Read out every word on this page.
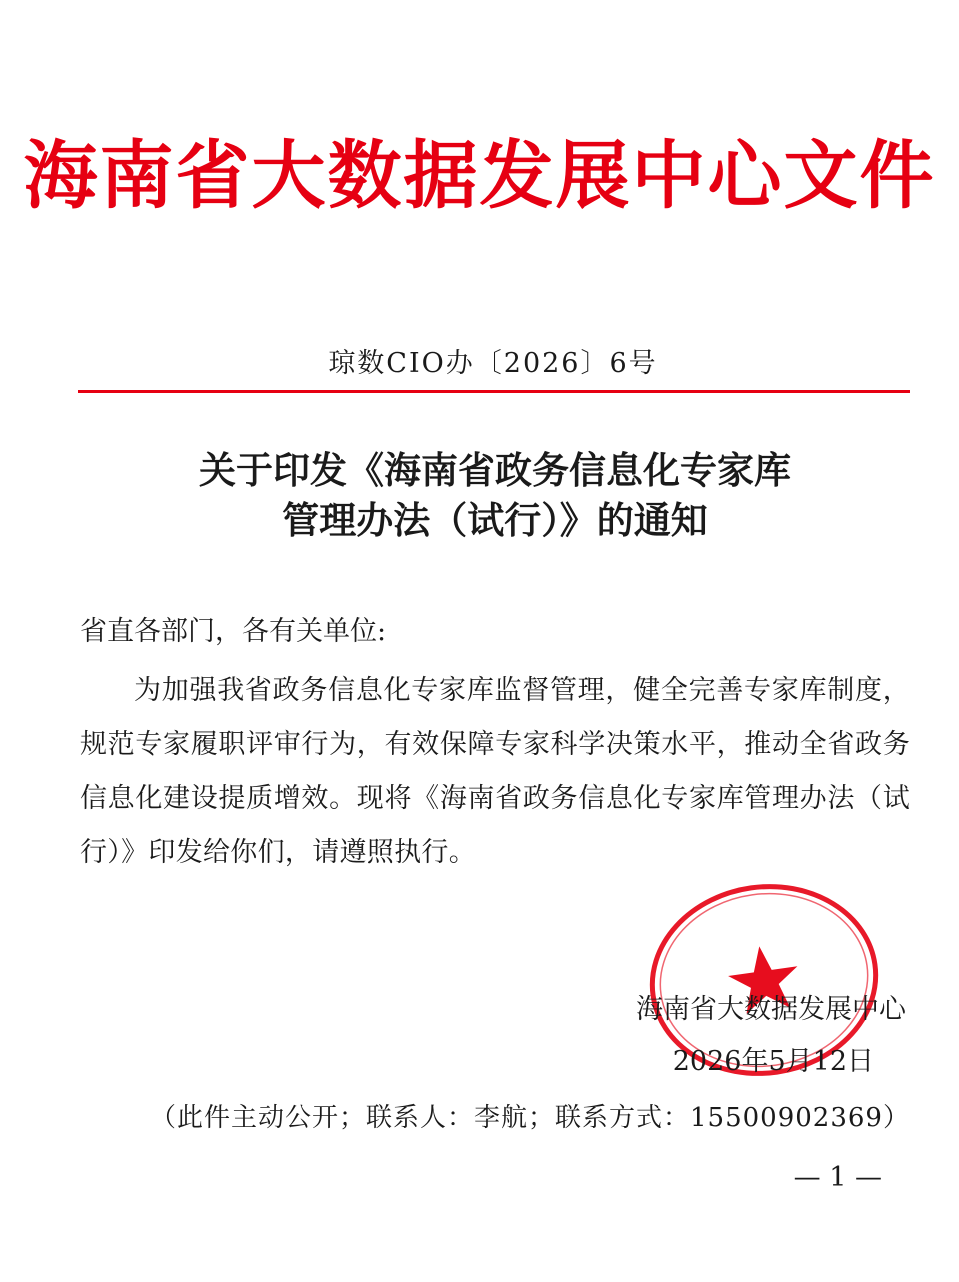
海南省大数据发展中心文件
琼数CIO办〔2026〕6号
关于印发《海南省政务信息化专家库
管理办法（试行）》的通知
省直各部门，各有关单位:
为加强我省政务信息化专家库监督管理，健全完善专家库制度，规范专家履职评审行为，有效保障专家科学决策水平，推动全省政务信息化建设提质增效。现将《海南省政务信息化专家库管理办法（试行）》印发给你们，请遵照执行。
海南省大数据发展中心
2026年5月12日
（此件主动公开；联系人：李航；联系方式：15500902369）
— 1 —
